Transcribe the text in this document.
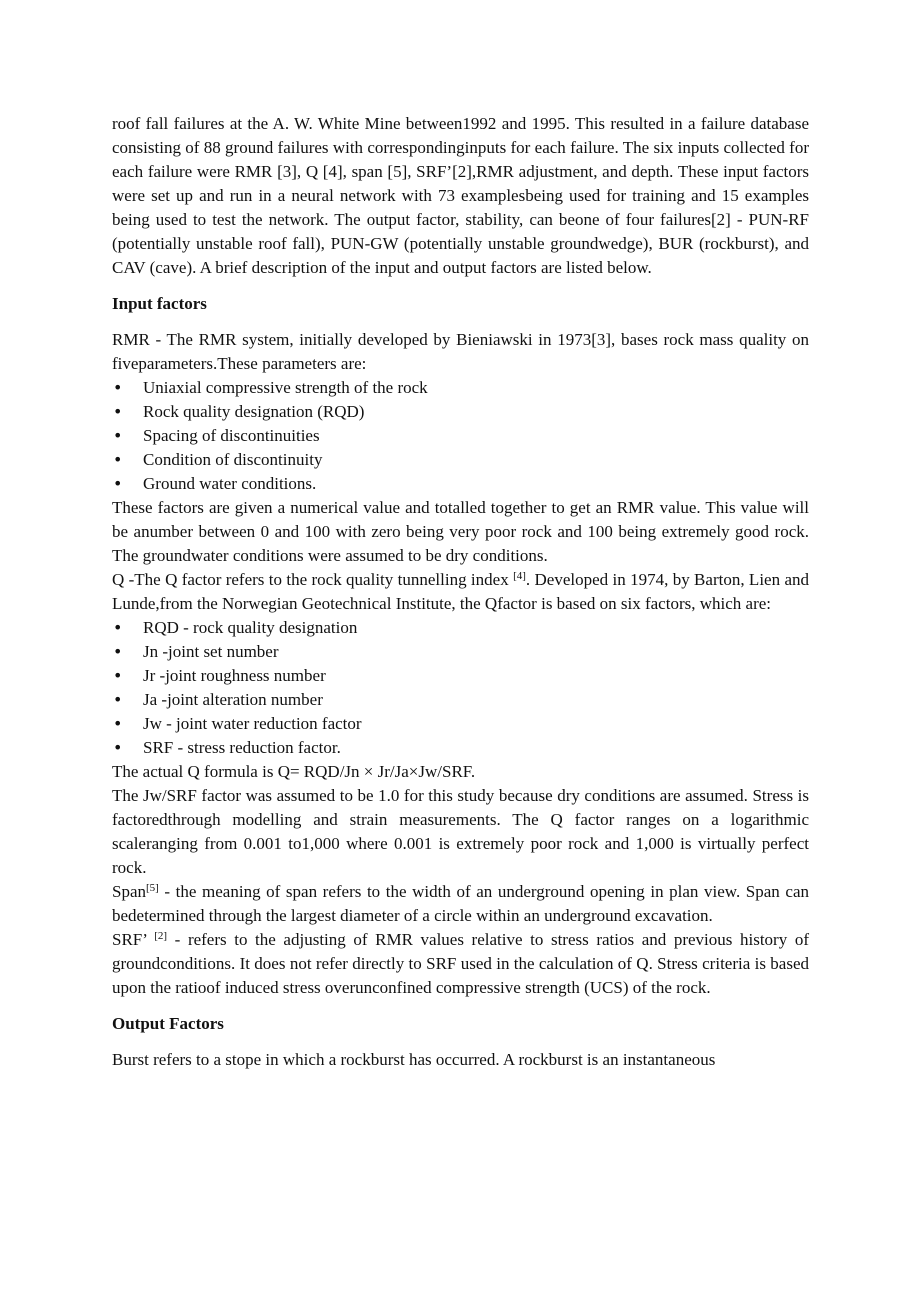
roof fall failures at the A. W. White Mine between1992 and 1995. This resulted in a failure database consisting of 88 ground failures with correspondinginputs for each failure. The six inputs collected for each failure were RMR [3], Q [4], span [5], SRF’[2],RMR adjustment, and depth. These input factors were set up and run in a neural network with 73 examplesbeing used for training and 15 examples being used to test the network. The output factor, stability, can beone of four failures[2] - PUN-RF (potentially unstable roof fall), PUN-GW (potentially unstable groundwedge), BUR (rockburst), and CAV (cave). A brief description of the input and output factors are listed below.

Input factors

RMR - The RMR system, initially developed by Bieniawski in 1973[3], bases rock mass quality on fiveparameters.These parameters are:

• Uniaxial compressive strength of the rock
• Rock quality designation (RQD)
• Spacing of discontinuities
• Condition of discontinuity
• Ground water conditions.

These factors are given a numerical value and totalled together to get an RMR value. This value will be anumber between 0 and 100 with zero being very poor rock and 100 being extremely good rock. The groundwater conditions were assumed to be dry conditions.

Q -The Q factor refers to the rock quality tunnelling index [4]. Developed in 1974, by Barton, Lien and Lunde,from the Norwegian Geotechnical Institute, the Qfactor is based on six factors, which are:

• RQD - rock quality designation
• Jn -joint set number
• Jr -joint roughness number
• Ja -joint alteration number
• Jw - joint water reduction factor
• SRF - stress reduction factor.

The actual Q formula is Q= RQD/Jn × Jr/Ja×Jw/SRF.

The Jw/SRF factor was assumed to be 1.0 for this study because dry conditions are assumed. Stress is factoredthrough modelling and strain measurements. The Q factor ranges on a logarithmic scaleranging from 0.001 to1,000 where 0.001 is extremely poor rock and 1,000 is virtually perfect rock.

Span[5] - the meaning of span refers to the width of an underground opening in plan view. Span can bedetermined through the largest diameter of a circle within an underground excavation.

SRF’ [2] - refers to the adjusting of RMR values relative to stress ratios and previous history of groundconditions. It does not refer directly to SRF used in the calculation of Q. Stress criteria is based upon the ratioof induced stress overunconfined compressive strength (UCS) of the rock.

Output Factors

Burst refers to a stope in which a rockburst has occurred. A rockburst is an instantaneous
